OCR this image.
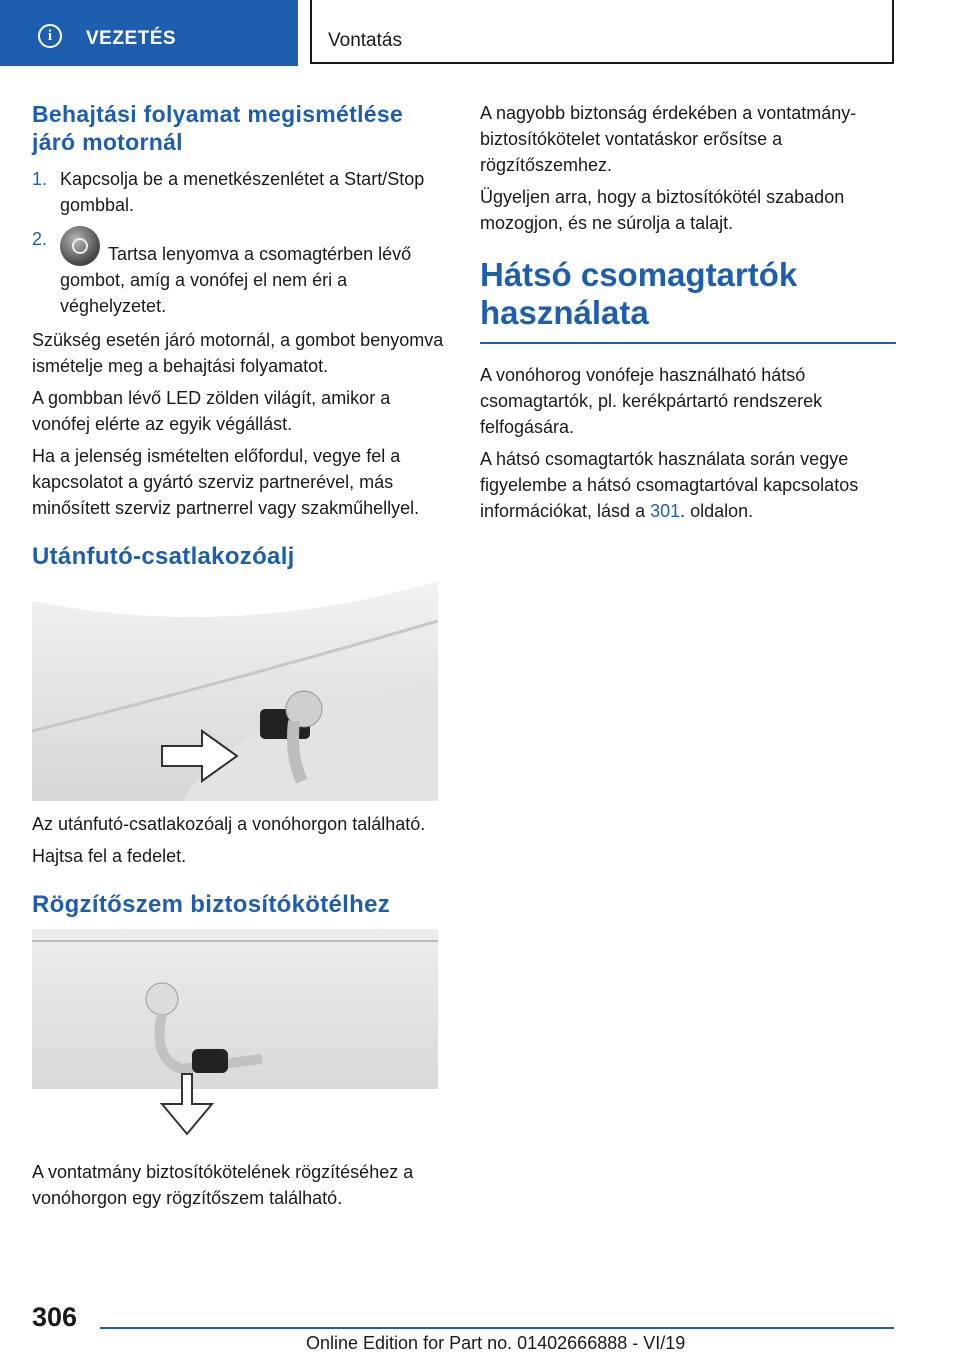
i	VEZETÉS	Vontatás
Behajtási folyamat megismétlése járó motornál
1. Kapcsolja be a menetkészenlétet a Start/Stop gombbal.
2.
Tartsa lenyomva a csomagtérben lévő gombot, amíg a vonófej el nem éri a véghelyzetet.

Szükség esetén járó motornál, a gombot benyomva ismételje meg a behajtási folyamatot.

A gombban lévő LED zölden világít, amikor a vonófej elérte az egyik végállást.

Ha a jelenség ismételten előfordul, vegye fel a kapcsolatot a gyártó szerviz partnerével, más minősített szerviz partnerrel vagy szakműhellyel.

Utánfutó-csatlakozóalj

Az utánfutó-csatlakozóalj a vonóhorgon található.

Hajtsa fel a fedelet.

Rögzítőszem biztosítókötélhez

A vontatmány biztosítókötelének rögzítéséhez a vonóhorgon egy rögzítőszem található.

A nagyobb biztonság érdekében a vontatmány-biztosítókötelet vontatáskor erősítse a rögzítőszemhez.

Ügyeljen arra, hogy a biztosítókötél szabadon mozogjon, és ne súrolja a talajt.

Hátsó csomagtartók használata

A vonóhorog vonófeje használható hátsó csomagtartók, pl. kerékpártartó rendszerek felfogására.

A hátsó csomagtartók használata során vegye figyelembe a hátsó csomagtartóval kapcsolatos információkat, lásd a 301. oldalon.

306
Online Edition for Part no. 01402666888 - VI/19
